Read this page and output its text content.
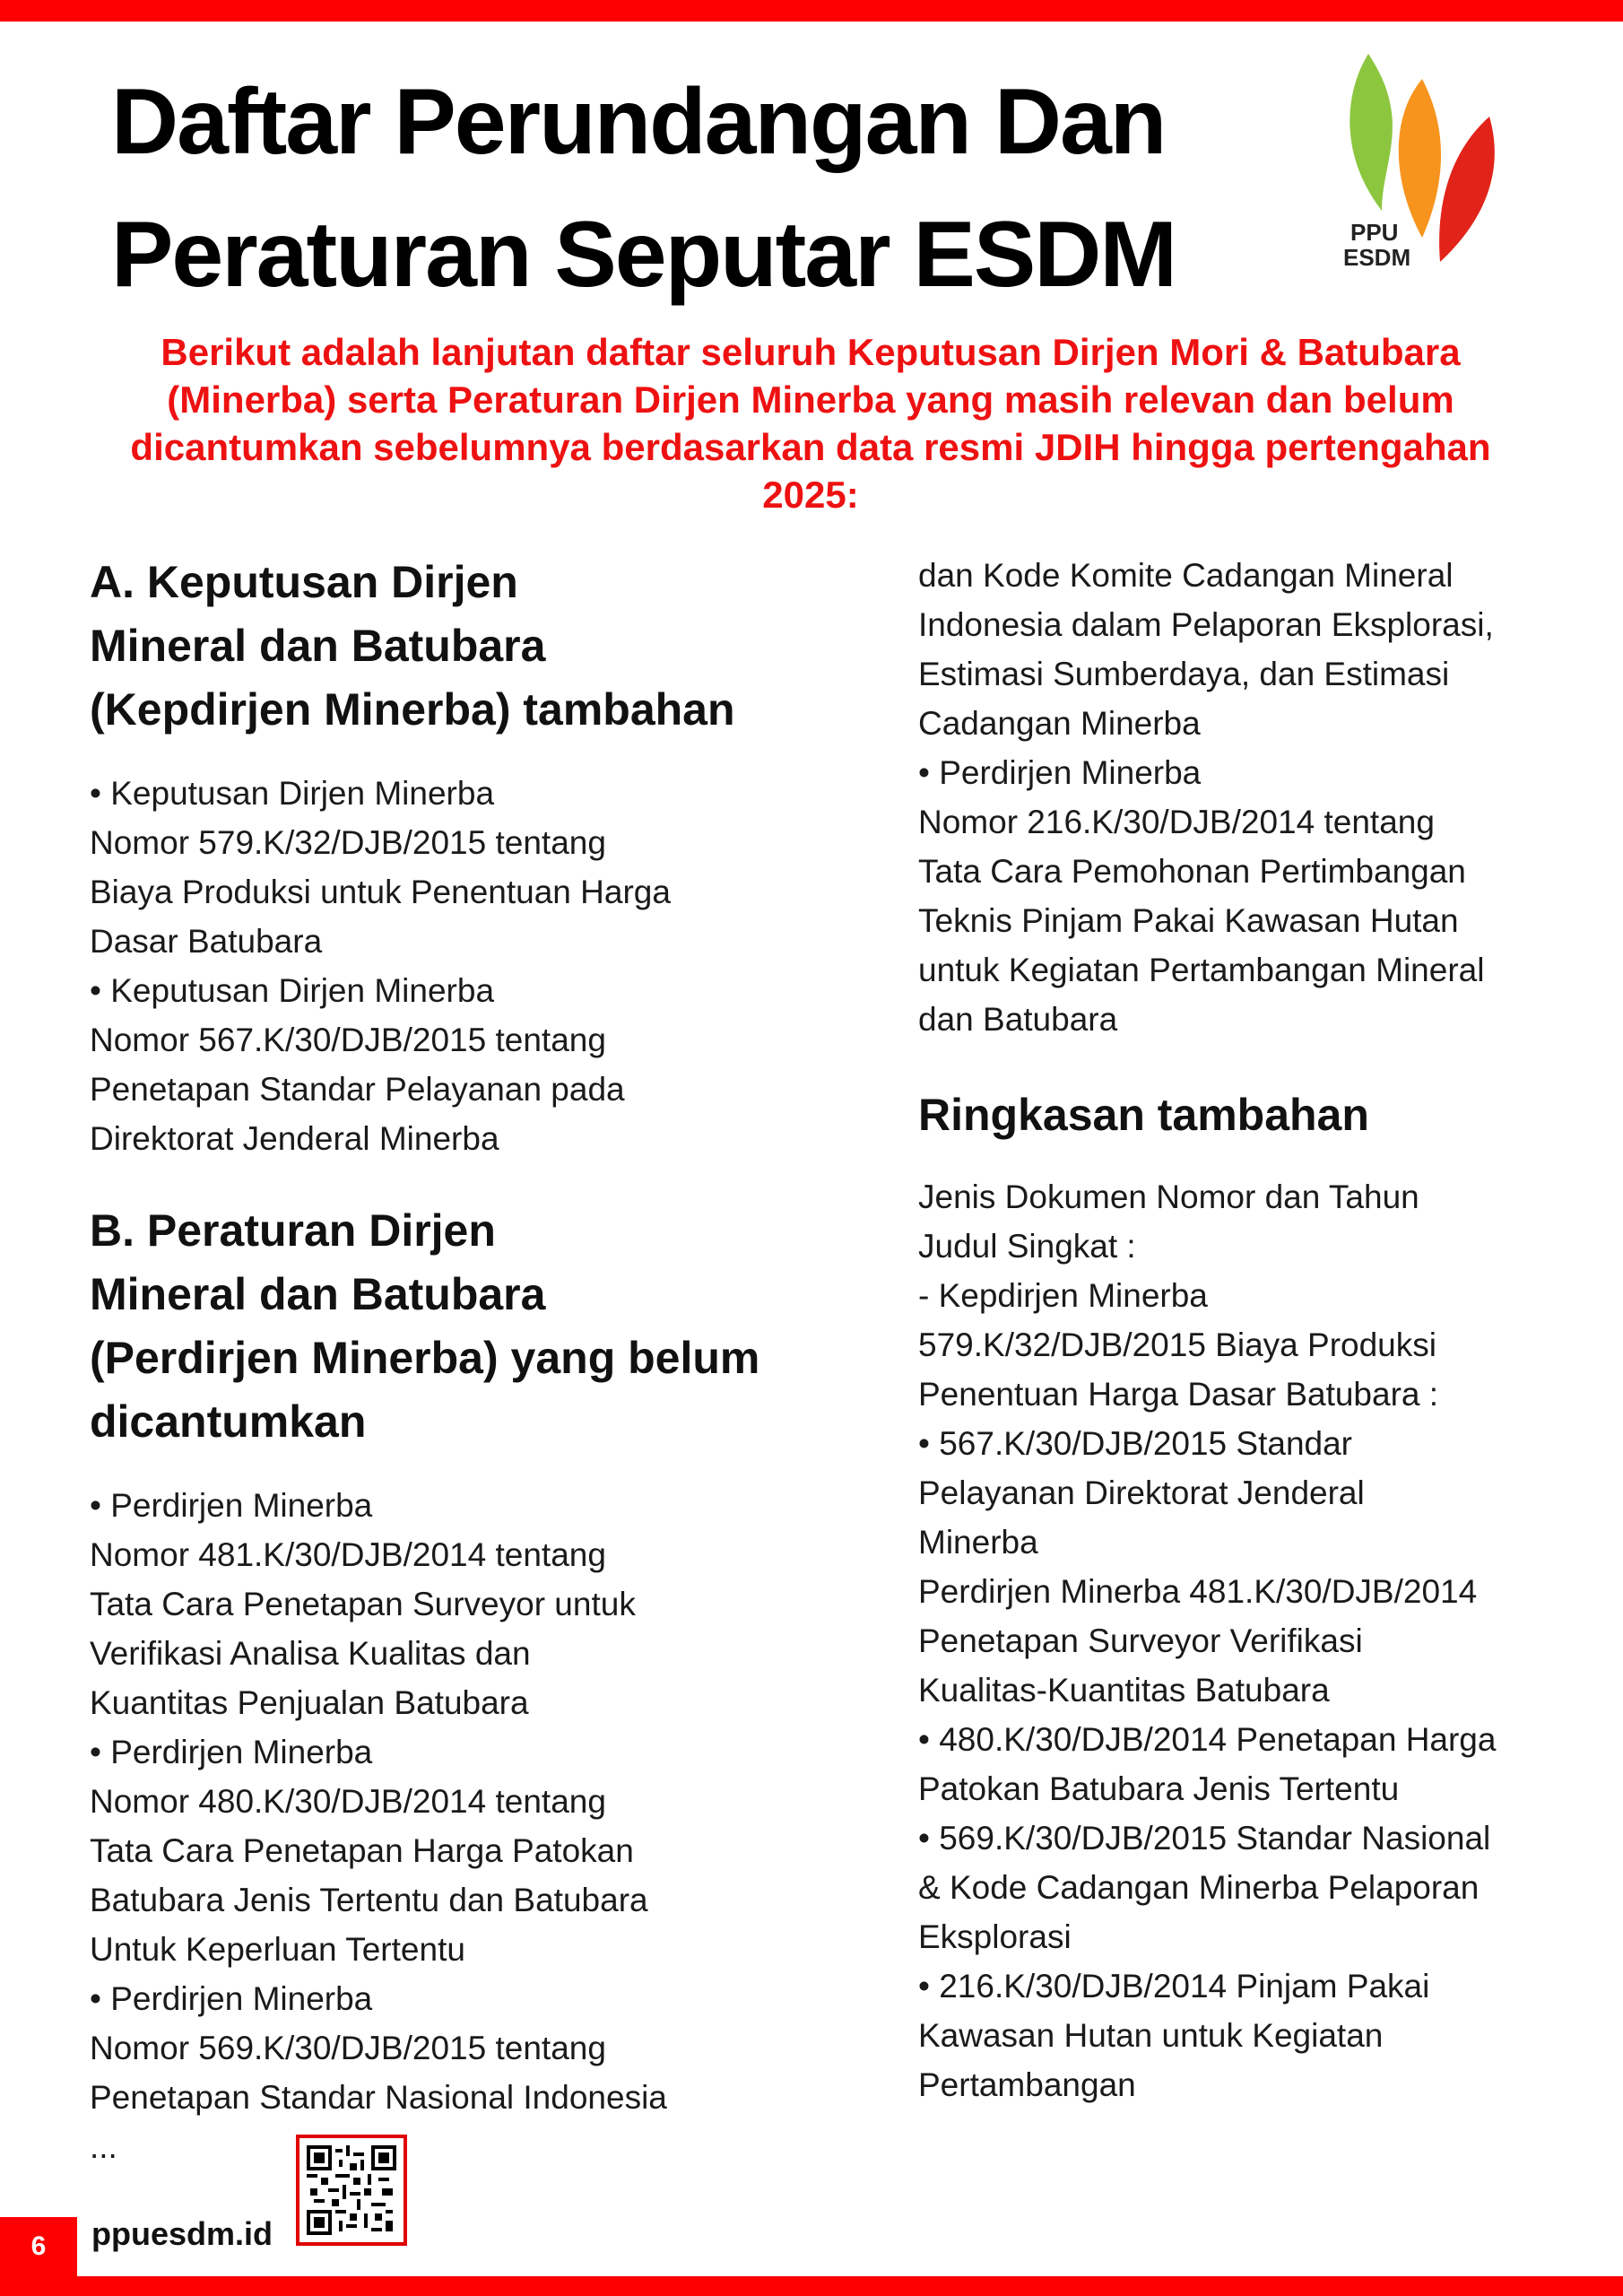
Daftar Perundangan Dan
Peraturan Seputar ESDM	PPU
ESDM

Berikut adalah lanjutan daftar seluruh Keputusan Dirjen Mori & Batubara (Minerba) serta Peraturan Dirjen Minerba yang masih relevan dan belum dicantumkan sebelumnya berdasarkan data resmi JDIH hingga pertengahan 2025:

A. Keputusan Dirjen
Mineral dan Batubara
(Kepdirjen Minerba) tambahan

• Keputusan Dirjen Minerba
Nomor 579.K/32/DJB/2015 tentang
Biaya Produksi untuk Penentuan Harga
Dasar Batubara
• Keputusan Dirjen Minerba
Nomor 567.K/30/DJB/2015 tentang
Penetapan Standar Pelayanan pada
Direktorat Jenderal Minerba

B. Peraturan Dirjen
Mineral dan Batubara
(Perdirjen Minerba) yang belum
dicantumkan

• Perdirjen Minerba
Nomor 481.K/30/DJB/2014 tentang
Tata Cara Penetapan Surveyor untuk
Verifikasi Analisa Kualitas dan
Kuantitas Penjualan Batubara
• Perdirjen Minerba
Nomor 480.K/30/DJB/2014 tentang
Tata Cara Penetapan Harga Patokan
Batubara Jenis Tertentu dan Batubara
Untuk Keperluan Tertentu
• Perdirjen Minerba
Nomor 569.K/30/DJB/2015 tentang
Penetapan Standar Nasional Indonesia
...

dan Kode Komite Cadangan Mineral
Indonesia dalam Pelaporan Eksplorasi,
Estimasi Sumberdaya, dan Estimasi
Cadangan Minerba
• Perdirjen Minerba
Nomor 216.K/30/DJB/2014 tentang
Tata Cara Pemohonan Pertimbangan
Teknis Pinjam Pakai Kawasan Hutan
untuk Kegiatan Pertambangan Mineral
dan Batubara

Ringkasan tambahan

Jenis Dokumen Nomor dan Tahun
Judul Singkat :
- Kepdirjen Minerba
579.K/32/DJB/2015 Biaya Produksi
Penentuan Harga Dasar Batubara :
• 567.K/30/DJB/2015 Standar
Pelayanan Direktorat Jenderal
Minerba
Perdirjen Minerba 481.K/30/DJB/2014
Penetapan Surveyor Verifikasi
Kualitas-Kuantitas Batubara
• 480.K/30/DJB/2014 Penetapan Harga
Patokan Batubara Jenis Tertentu
• 569.K/30/DJB/2015 Standar Nasional
& Kode Cadangan Minerba Pelaporan
Eksplorasi
• 216.K/30/DJB/2014 Pinjam Pakai
Kawasan Hutan untuk Kegiatan
Pertambangan

6	ppuesdm.id
